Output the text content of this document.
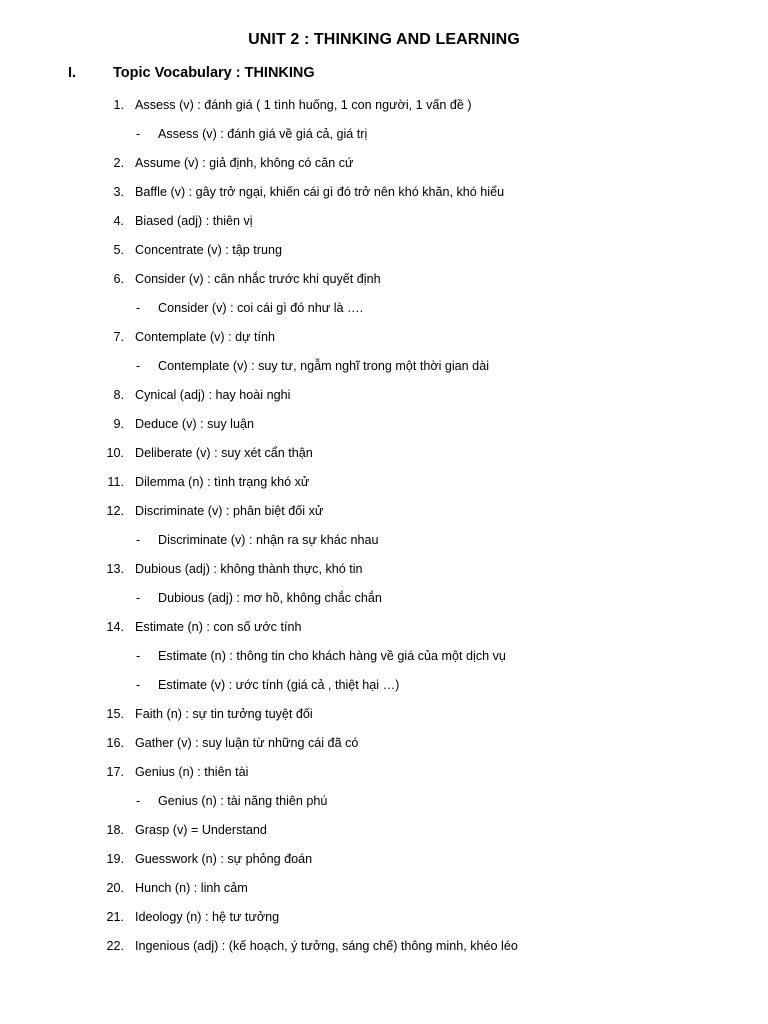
UNIT 2 : THINKING AND LEARNING
I.	Topic Vocabulary : THINKING
1. Assess (v) : đánh giá ( 1 tình huống, 1 con người, 1 vấn đề )
- Assess (v) : đánh giá về giá cả, giá trị
2. Assume (v) : giả định, không có căn cứ
3. Baffle (v) : gây trở ngại, khiến cái gì đó trở nên khó khăn, khó hiểu
4. Biased (adj) : thiên vị
5. Concentrate (v) : tập trung
6. Consider (v) : cân nhắc trước khi quyết định
- Consider (v) : coi cái gì đó như là ….
7. Contemplate (v) : dự tính
- Contemplate (v) : suy tư, ngẫm nghĩ trong một thời gian dài
8. Cynical (adj) : hay hoài nghi
9. Deduce (v) : suy luận
10. Deliberate (v) : suy xét cẩn thận
11. Dilemma (n) : tình trạng khó xử
12. Discriminate (v) : phân biệt đối xử
- Discriminate (v) : nhận ra sự khác nhau
13. Dubious (adj) : không thành thực, khó tin
- Dubious (adj) : mơ hồ, không chắc chắn
14. Estimate (n) : con số ước tính
- Estimate (n) : thông tin cho khách hàng về giá của một dịch vụ
- Estimate (v) : ước tính (giá cả , thiệt hại …)
15. Faith (n) : sự tin tưởng tuyệt đối
16. Gather (v) : suy luận từ những cái đã có
17. Genius (n) : thiên tài
- Genius (n) : tài năng thiên phú
18. Grasp (v) = Understand
19. Guesswork (n) : sự phỏng đoán
20. Hunch (n) : linh cảm
21. Ideology (n) : hệ tư tưởng
22. Ingenious (adj) : (kế hoạch, ý tưởng, sáng chế) thông minh, khéo léo
